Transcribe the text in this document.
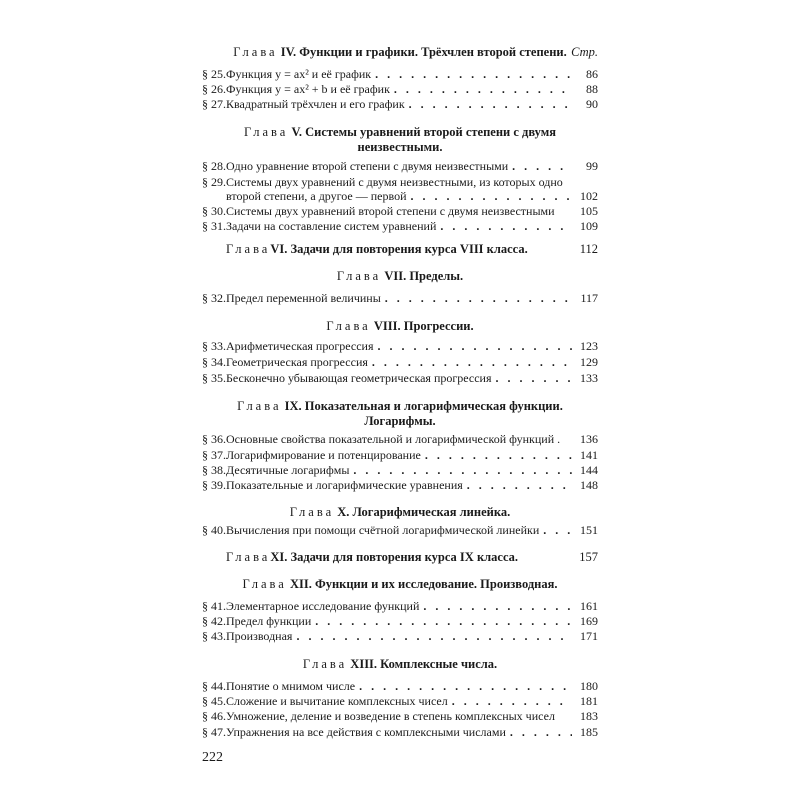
Глава IV. Функции и графики. Трёхчлен второй степени. Стр.
§ 25. Функция y = ax² и её график . . .	86
§ 26. Функция y = ax² + b и её график . . .	88
§ 27. Квадратный трёхчлен и его график . . .	90
Глава V. Системы уравнений второй степени с двумя
неизвестными.
§ 28. Одно уравнение второй степени с двумя неизвестными . . .	99
§ 29. Системы двух уравнений с двумя неизвестными, из которых одно
второй степени, а другое — первой . . .	102
§ 30. Системы двух уравнений второй степени с двумя неизвестными	105
§ 31. Задачи на составление систем уравнений . . .	109
Глава VI. Задачи для повторения курса VIII класса.	112
Глава VII. Пределы.
§ 32. Предел переменной величины . . .	117
Глава VIII. Прогрессии.
§ 33. Арифметическая прогрессия . . .	123
§ 34. Геометрическая прогрессия . . .	129
§ 35. Бесконечно убывающая геометрическая прогрессия . . .	133
Глава IX. Показательная и логарифмическая функции.
Логарифмы.
§ 36. Основные свойства показательной и логарифмической функций .	136
§ 37. Логарифмирование и потенцирование . . .	141
§ 38. Десятичные логарифмы . . .	144
§ 39. Показательные и логарифмические уравнения . . .	148
Глава X. Логарифмическая линейка.
§ 40. Вычисления при помощи счётной логарифмической линейки . . .	151
Глава XI. Задачи для повторения курса IX класса.	157
Глава XII. Функции и их исследование. Производная.
§ 41. Элементарное исследование функций . . .	161
§ 42. Предел функции . . .	169
§ 43. Производная . . .	171
Глава XIII. Комплексные числа.
§ 44. Понятие о мнимом числе . . .	180
§ 45. Сложение и вычитание комплексных чисел . . .	181
§ 46. Умножение, деление и возведение в степень комплексных чисел	183
§ 47. Упражнения на все действия с комплексными числами . . .	185
222
